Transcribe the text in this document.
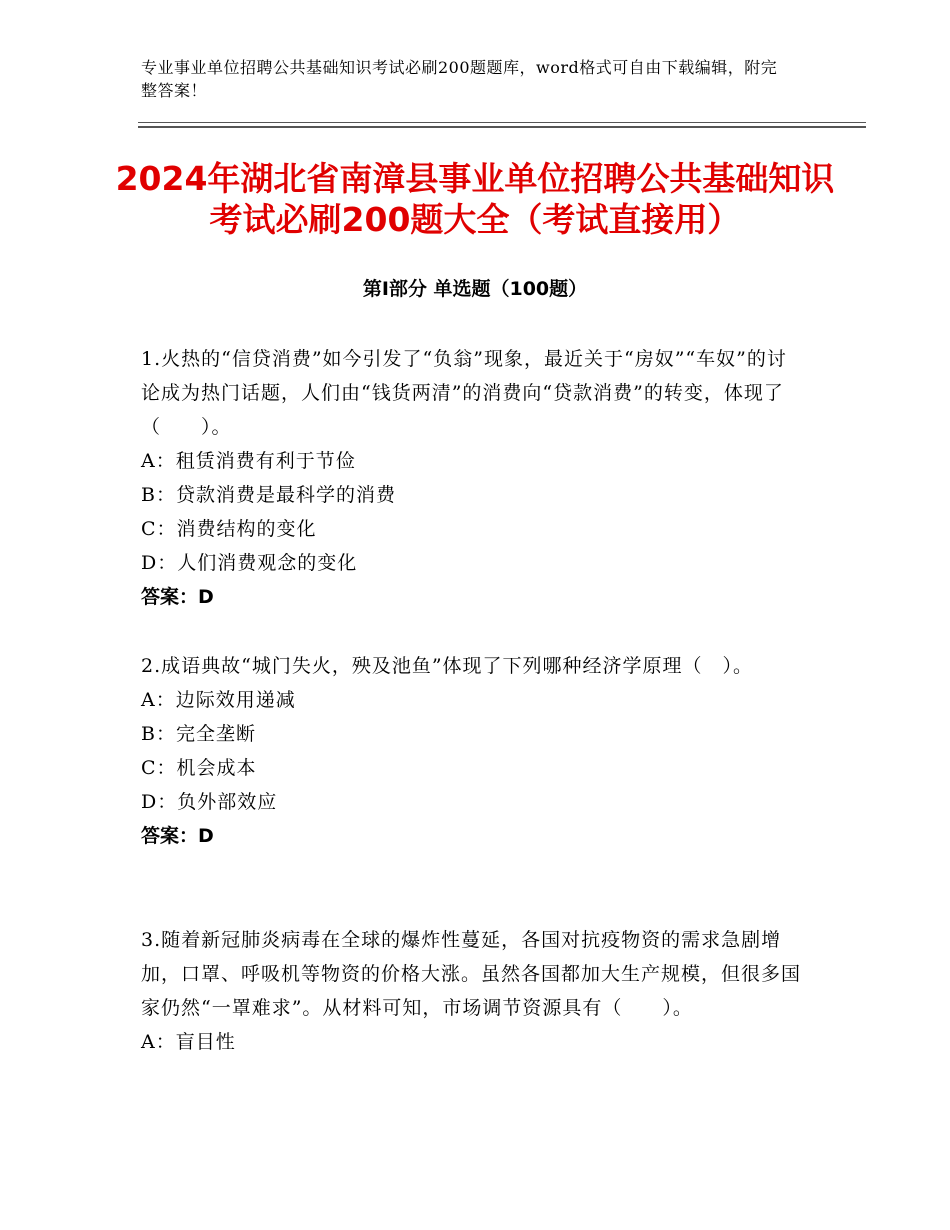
专业事业单位招聘公共基础知识考试必刷200题题库，word格式可自由下载编辑，附完整答案！
2024年湖北省南漳县事业单位招聘公共基础知识考试必刷200题大全（考试直接用）
第Ⅰ部分 单选题（100题）
1.火热的“信贷消费”如今引发了“负翁”现象，最近关于“房奴”“车奴”的讨论成为热门话题，人们由“钱货两清”的消费向“贷款消费”的转变，体现了（　　）。
A：租赁消费有利于节俭
B：贷款消费是最科学的消费
C：消费结构的变化
D：人们消费观念的变化
答案：D
2.成语典故“城门失火，殃及池鱼”体现了下列哪种经济学原理（　）。
A：边际效用递减
B：完全垄断
C：机会成本
D：负外部效应
答案：D
3.随着新冠肺炎病毒在全球的爆炸性蔓延，各国对抗疫物资的需求急剧增加，口罩、呼吸机等物资的价格大涨。虽然各国都加大生产规模，但很多国家仍然“一罩难求”。从材料可知，市场调节资源具有（　　）。
A：盲目性
